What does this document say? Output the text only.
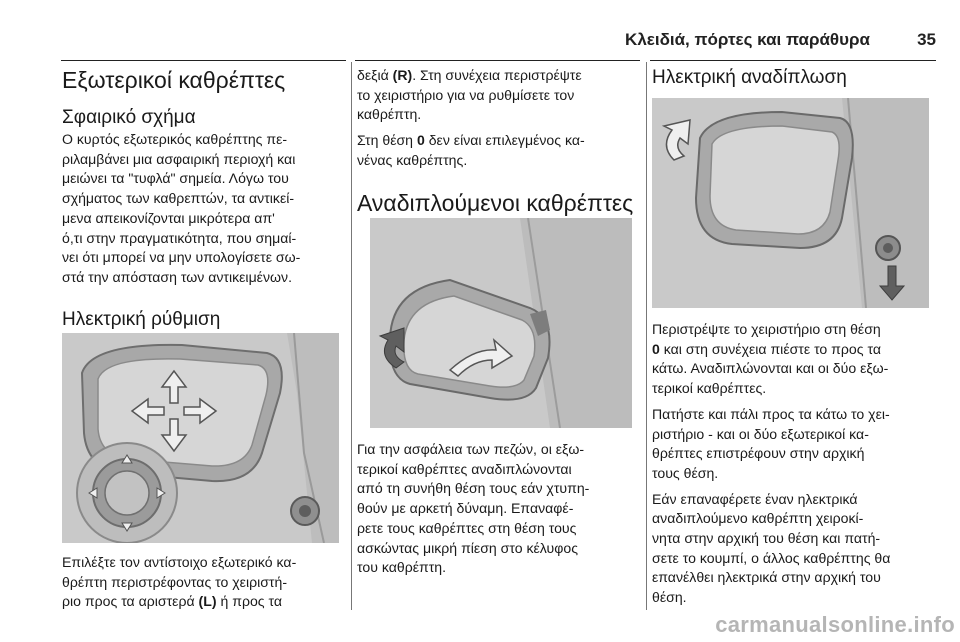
Κλειδιά, πόρτες και παράθυρα	35
Εξωτερικοί καθρέπτες
Σφαιρικό σχήμα

Ο κυρτός εξωτερικός καθρέπτης πε-

ριλαμβάνει μια ασφαιρική περιοχή και

μειώνει τα "τυφλά" σημεία. Λόγω του

σχήματος των καθρεπτών, τα αντικεί-

μενα απεικονίζονται μικρότερα απ'

ό,τι στην πραγματικότητα, που σημαί-

νει ότι μπορεί να μην υπολογίσετε σω-

στά την απόσταση των αντικειμένων.

Ηλεκτρική ρύθμιση

Επιλέξτε τον αντίστοιχο εξωτερικό κα-

θρέπτη περιστρέφοντας το χειριστή-

ριο προς τα αριστερά (L) ή προς τα

δεξιά (R). Στη συνέχεια περιστρέψτε

το χειριστήριο για να ρυθμίσετε τον

καθρέπτη.

Στη θέση 0 δεν είναι επιλεγμένος κα-

νένας καθρέπτης.

Αναδιπλούμενοι καθρέπτες

Για την ασφάλεια των πεζών, οι εξω-

τερικοί καθρέπτες αναδιπλώνονται

από τη συνήθη θέση τους εάν χτυπη-

θούν με αρκετή δύναμη. Επαναφέ-

ρετε τους καθρέπτες στη θέση τους

ασκώντας μικρή πίεση στο κέλυφος

του καθρέπτη.

Ηλεκτρική αναδίπλωση

Περιστρέψτε το χειριστήριο στη θέση

0 και στη συνέχεια πιέστε το προς τα

κάτω. Αναδιπλώνονται και οι δύο εξω-

τερικοί καθρέπτες.

Πατήστε και πάλι προς τα κάτω το χει-

ριστήριο - και οι δύο εξωτερικοί κα-

θρέπτες επιστρέφουν στην αρχική

τους θέση.

Εάν επαναφέρετε έναν ηλεκτρικά

αναδιπλούμενο καθρέπτη χειροκί-

νητα στην αρχική του θέση και πατή-

σετε το κουμπί, ο άλλος καθρέπτης θα

επανέλθει ηλεκτρικά στην αρχική του

θέση.

carmanualsonline.info
